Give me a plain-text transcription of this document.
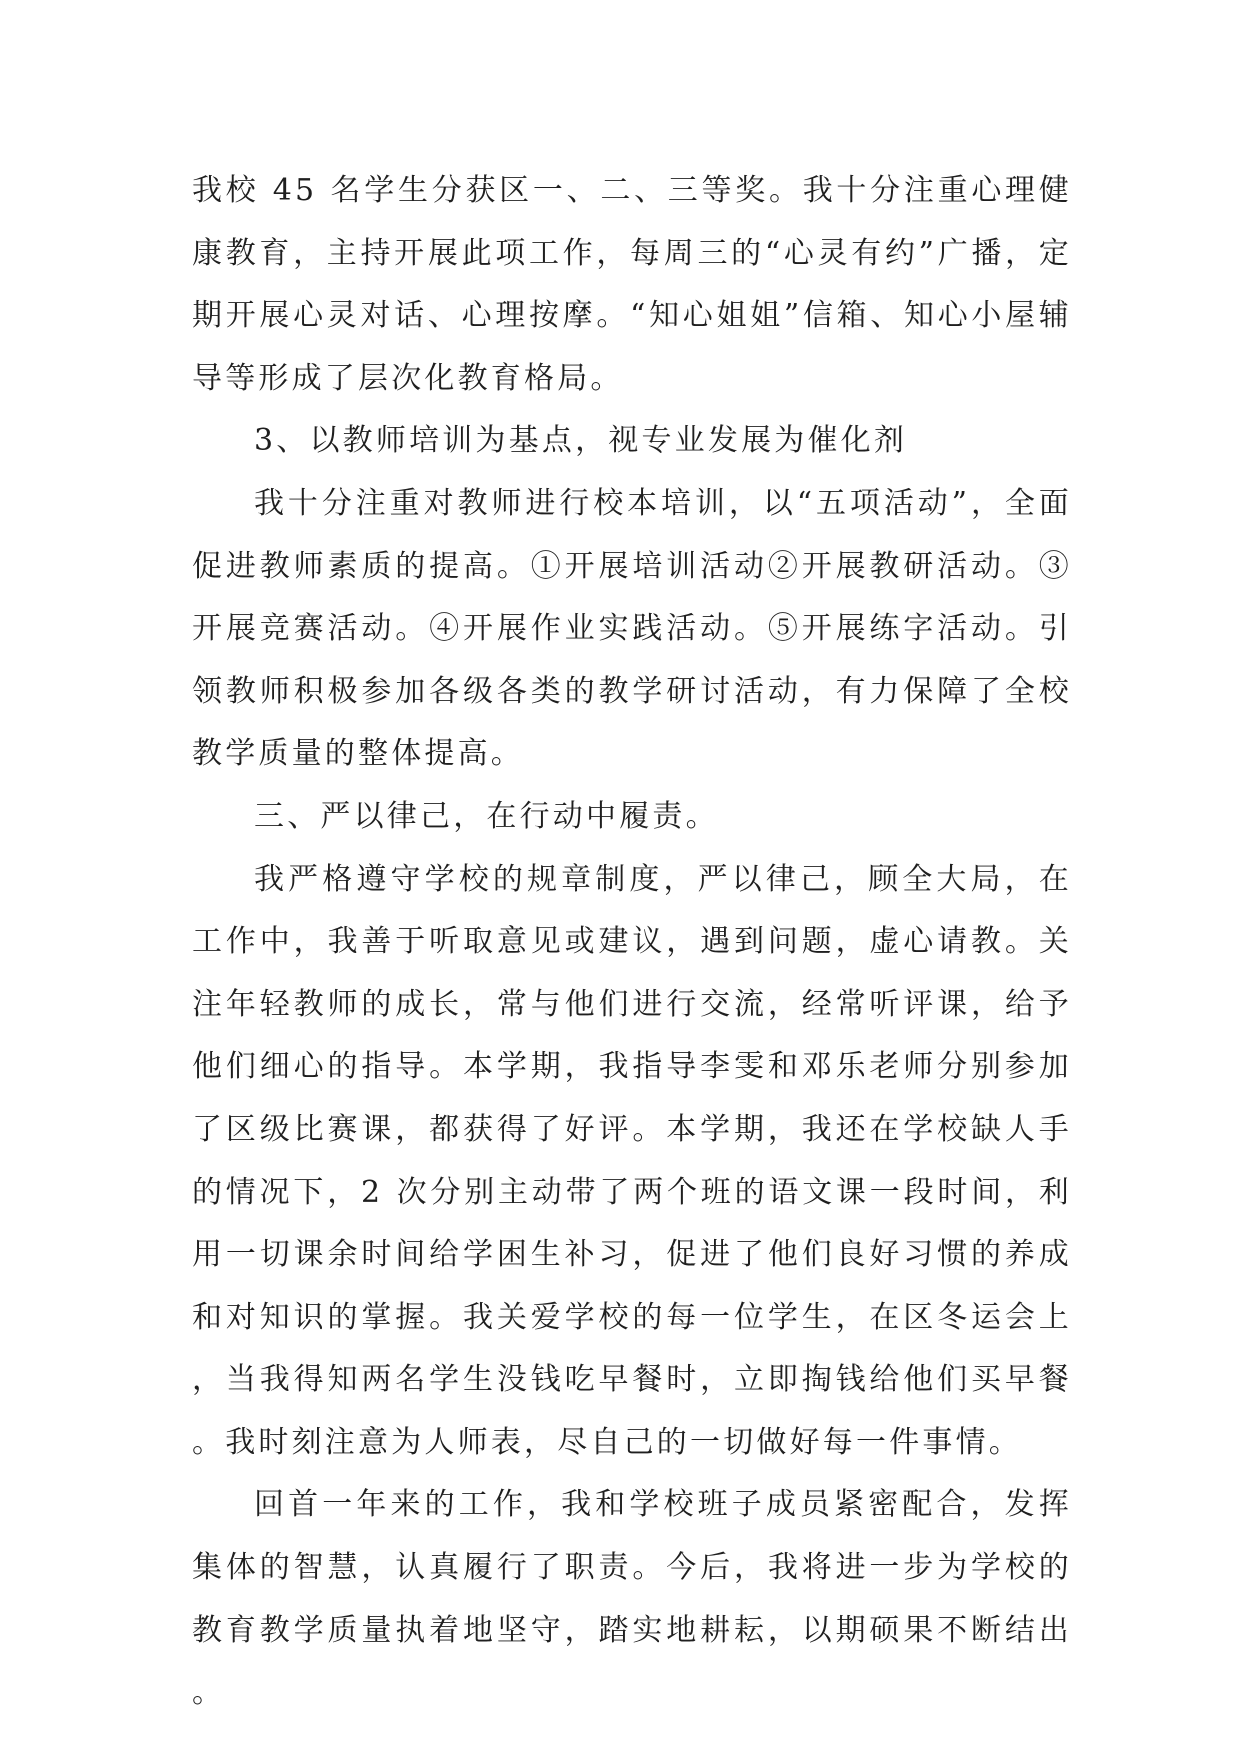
我校 45 名学生分获区一、二、三等奖。我十分注重心理健康教育，主持开展此项工作，每周三的“心灵有约”广播，定期开展心灵对话、心理按摩。“知心姐姐”信箱、知心小屋辅导等形成了层次化教育格局。

3、以教师培训为基点，视专业发展为催化剂

我十分注重对教师进行校本培训，以“五项活动”，全面促进教师素质的提高。①开展培训活动②开展教研活动。③开展竞赛活动。④开展作业实践活动。⑤开展练字活动。引领教师积极参加各级各类的教学研讨活动，有力保障了全校教学质量的整体提高。

三、严以律己，在行动中履责。

我严格遵守学校的规章制度，严以律己，顾全大局，在工作中，我善于听取意见或建议，遇到问题，虚心请教。关注年轻教师的成长，常与他们进行交流，经常听评课，给予他们细心的指导。本学期，我指导李雯和邓乐老师分别参加了区级比赛课，都获得了好评。本学期，我还在学校缺人手的情况下，2 次分别主动带了两个班的语文课一段时间，利用一切课余时间给学困生补习，促进了他们良好习惯的养成和对知识的掌握。我关爱学校的每一位学生，在区冬运会上，当我得知两名学生没钱吃早餐时，立即掏钱给他们买早餐。我时刻注意为人师表，尽自己的一切做好每一件事情。

回首一年来的工作，我和学校班子成员紧密配合，发挥集体的智慧，认真履行了职责。今后，我将进一步为学校的教育教学质量执着地坚守，踏实地耕耘，以期硕果不断结出。
